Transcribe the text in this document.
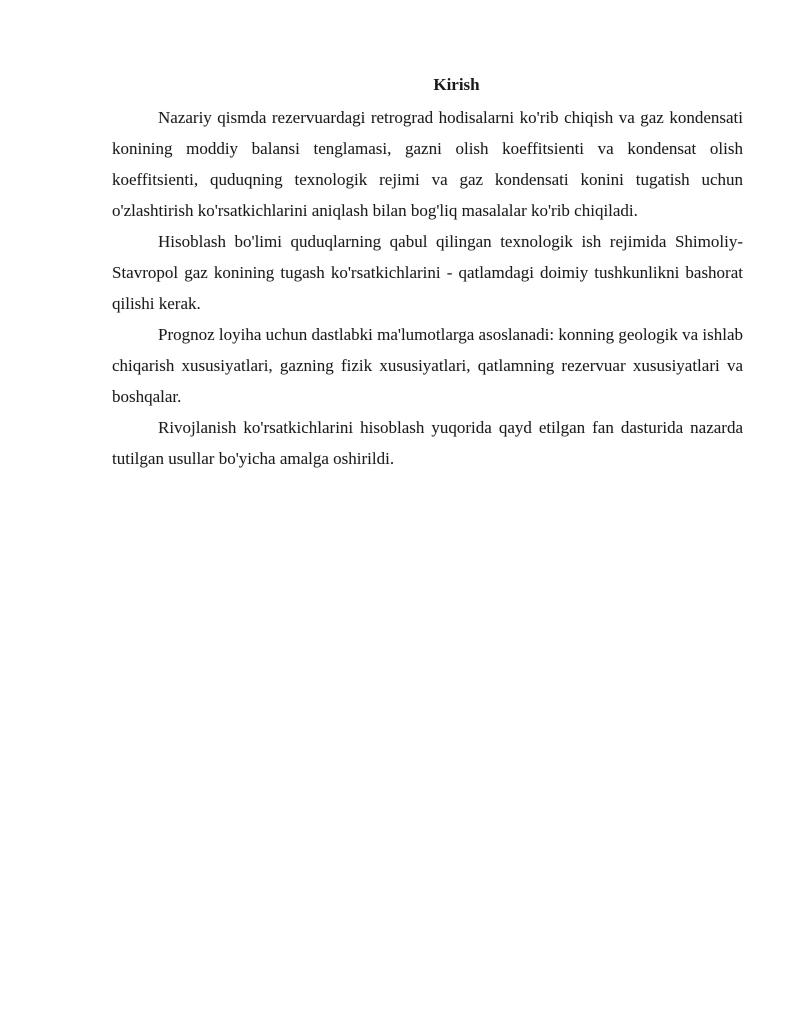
Kirish

Nazariy qismda rezervuardagi retrograd hodisalarni ko'rib chiqish va gaz kondensati konining moddiy balansi tenglamasi, gazni olish koeffitsienti va kondensat olish koeffitsienti, quduqning texnologik rejimi va gaz kondensati konini tugatish uchun o'zlashtirish ko'rsatkichlarini aniqlash bilan bog'liq masalalar ko'rib chiqiladi.

Hisoblash bo'limi quduqlarning qabul qilingan texnologik ish rejimida Shimoliy-Stavropol gaz konining tugash ko'rsatkichlarini - qatlamdagi doimiy tushkunlikni bashorat qilishi kerak.

Prognoz loyiha uchun dastlabki ma'lumotlarga asoslanadi: konning geologik va ishlab chiqarish xususiyatlari, gazning fizik xususiyatlari, qatlamning rezervuar xususiyatlari va boshqalar.

Rivojlanish ko'rsatkichlarini hisoblash yuqorida qayd etilgan fan dasturida nazarda tutilgan usullar bo'yicha amalga oshirildi.
